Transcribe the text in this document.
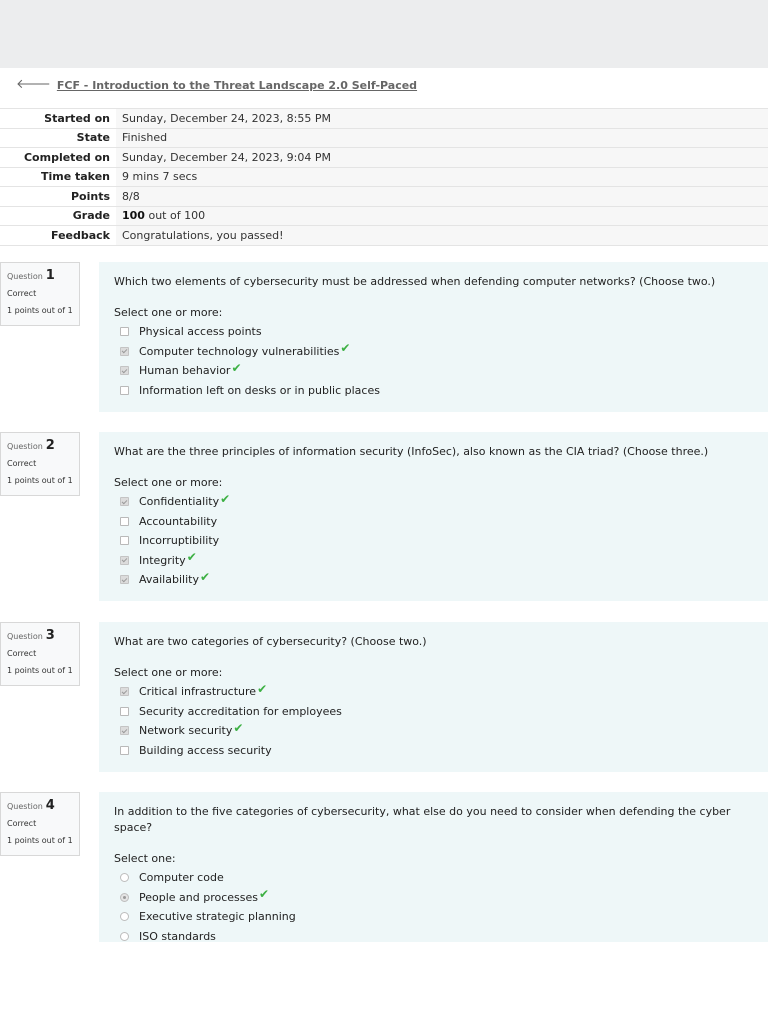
🡐 FCF - Introduction to the Threat Landscape 2.0 Self-Paced
Started on	Sunday, December 24, 2023, 8:55 PM
State	Finished
Completed on	Sunday, December 24, 2023, 9:04 PM
Time taken	9 mins 7 secs
Points	8/8
Grade	100 out of 100
Feedback	Congratulations, you passed!
Question 1
Correct
1 points out of 1
Which two elements of cybersecurity must be addressed when defending computer networks? (Choose two.)
Select one or more:
Physical access points
Computer technology vulnerabilities ✔
Human behavior ✔
Information left on desks or in public places
Question 2
Correct
1 points out of 1
What are the three principles of information security (InfoSec), also known as the CIA triad? (Choose three.)
Select one or more:
Confidentiality ✔
Accountability
Incorruptibility
Integrity ✔
Availability ✔
Question 3
Correct
1 points out of 1
What are two categories of cybersecurity? (Choose two.)
Select one or more:
Critical infrastructure ✔
Security accreditation for employees
Network security ✔
Building access security
Question 4
Correct
1 points out of 1
In addition to the five categories of cybersecurity, what else do you need to consider when defending the cyber space?
Select one:
Computer code
People and processes ✔
Executive strategic planning
ISO standards
